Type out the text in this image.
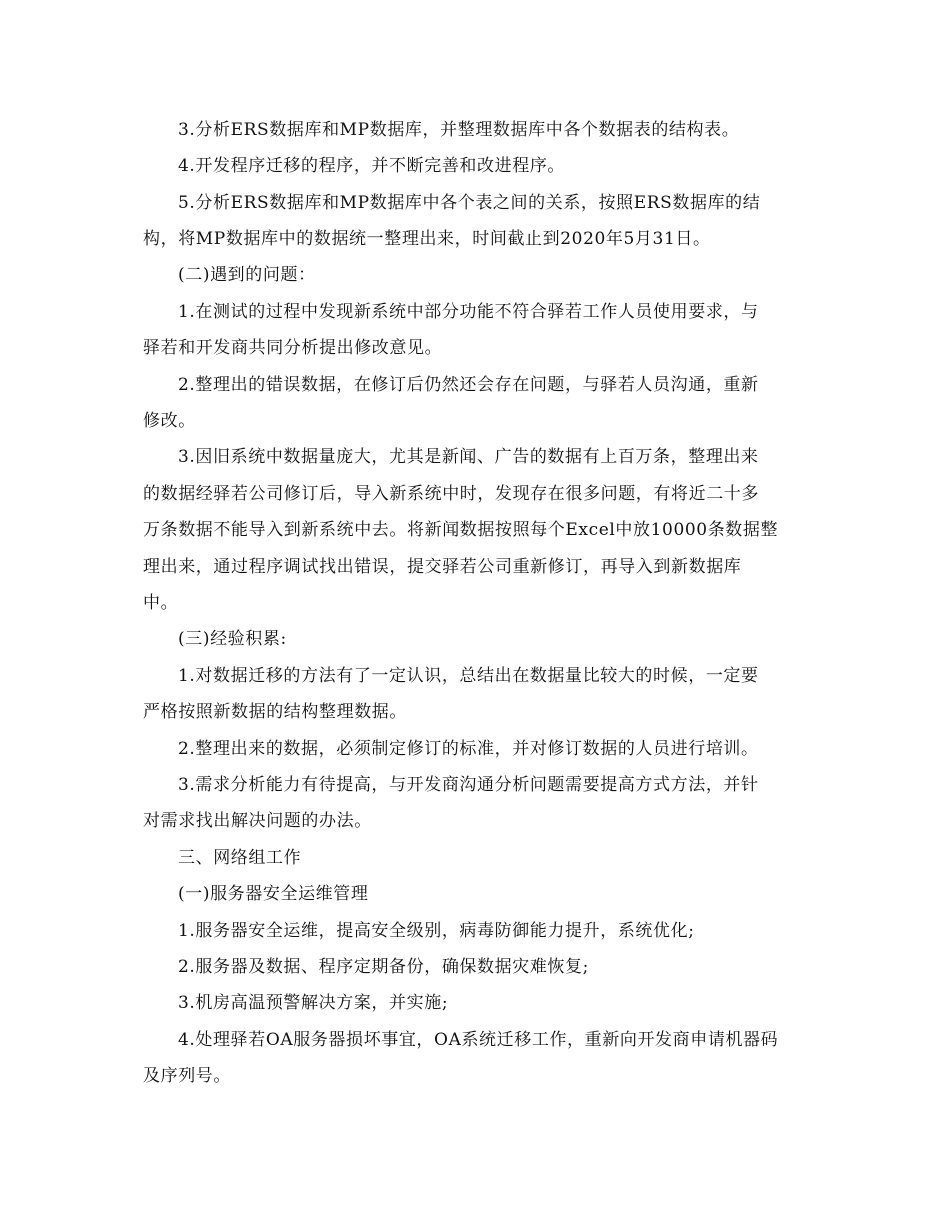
3.分析ERS数据库和MP数据库，并整理数据库中各个数据表的结构表。
4.开发程序迁移的程序，并不断完善和改进程序。
5.分析ERS数据库和MP数据库中各个表之间的关系，按照ERS数据库的结
构，将MP数据库中的数据统一整理出来，时间截止到2020年5月31日。
(二)遇到的问题：
1.在测试的过程中发现新系统中部分功能不符合驿若工作人员使用要求，与
驿若和开发商共同分析提出修改意见。
2.整理出的错误数据，在修订后仍然还会存在问题，与驿若人员沟通，重新
修改。
3.因旧系统中数据量庞大，尤其是新闻、广告的数据有上百万条，整理出来
的数据经驿若公司修订后，导入新系统中时，发现存在很多问题，有将近二十多
万条数据不能导入到新系统中去。将新闻数据按照每个Excel中放10000条数据整
理出来，通过程序调试找出错误，提交驿若公司重新修订，再导入到新数据库
中。
(三)经验积累:
1.对数据迁移的方法有了一定认识，总结出在数据量比较大的时候，一定要
严格按照新数据的结构整理数据。
2.整理出来的数据，必须制定修订的标准，并对修订数据的人员进行培训。
3.需求分析能力有待提高，与开发商沟通分析问题需要提高方式方法，并针
对需求找出解决问题的办法。
三、网络组工作
(一)服务器安全运维管理
1.服务器安全运维，提高安全级别，病毒防御能力提升，系统优化;
2.服务器及数据、程序定期备份，确保数据灾难恢复;
3.机房高温预警解决方案，并实施;
4.处理驿若OA服务器损坏事宜，OA系统迁移工作，重新向开发商申请机器码
及序列号。
